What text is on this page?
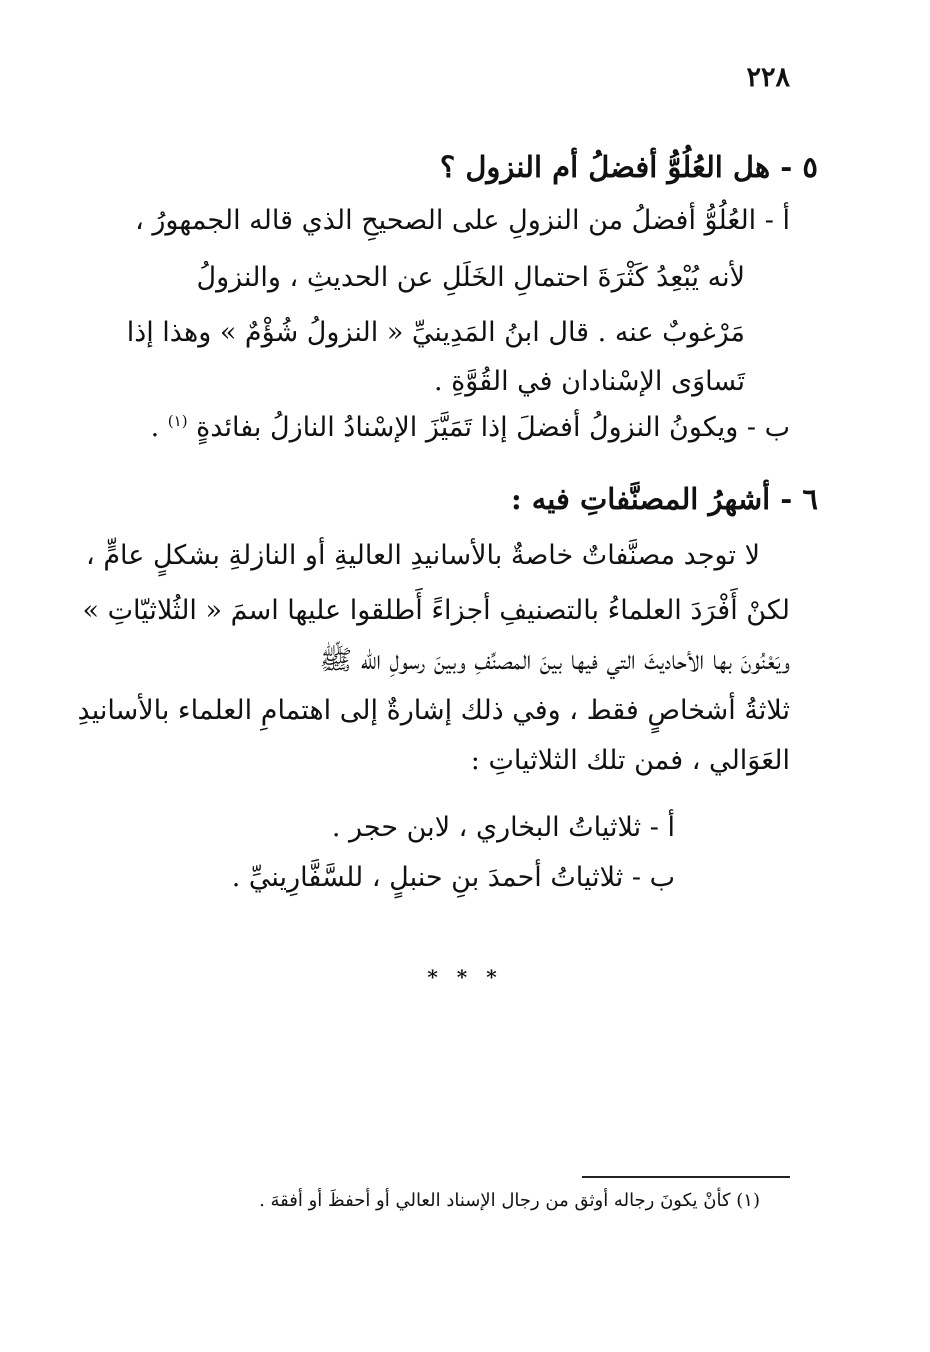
٢٢٨
٥ - هل العُلُوُّ أفضلُ أم النزول ؟
أ - العُلُوُّ أفضلُ من النزولِ على الصحيحِ الذي قاله الجمهورُ ،
لأنه يُبْعِدُ كَثْرَةَ احتمالِ الخَلَلِ عن الحديثِ ، والنزولُ
مَرْغوبٌ عنه . قال ابنُ المَدِينيِّ « النزولُ شُؤْمٌ » وهذا إذا
تَساوَى الإسْنادان في القُوَّةِ .
ب - ويكونُ النزولُ أفضلَ إذا تَمَيَّزَ الإسْنادُ النازلُ بفائدةٍ $^{(١)}$ .
٦ - أشهرُ المصنَّفاتِ فيه :
لا توجد مصنَّفاتٌ خاصةٌ بالأسانيدِ العاليةِ أو النازلةِ بشكلٍ عامٍّ ،
لكنْ أَفْرَدَ العلماءُ بالتصنيفِ أجزاءً أَطلقوا عليها اسمَ « الثُلاثيّاتِ »
ويَعْنُونَ بها الأحاديثَ التي فيها بينَ المصنِّفِ وبينَ رسولِ الله ﷺ
ثلاثةُ أشخاصٍ فقط ، وفي ذلك إشارةٌ إلى اهتمامِ العلماء بالأسانيدِ
العَوَالي ، فمن تلك الثلاثياتِ :
أ - ثلاثياتُ البخاري ، لابن حجر .
ب - ثلاثياتُ أحمدَ بنِ حنبلٍ ، للسَّفَّارِينيِّ .
* * *
(١) كأنْ يكونَ رجاله أوثق من رجال الإسناد العالي أو أحفظَ أو أفقهَ .
